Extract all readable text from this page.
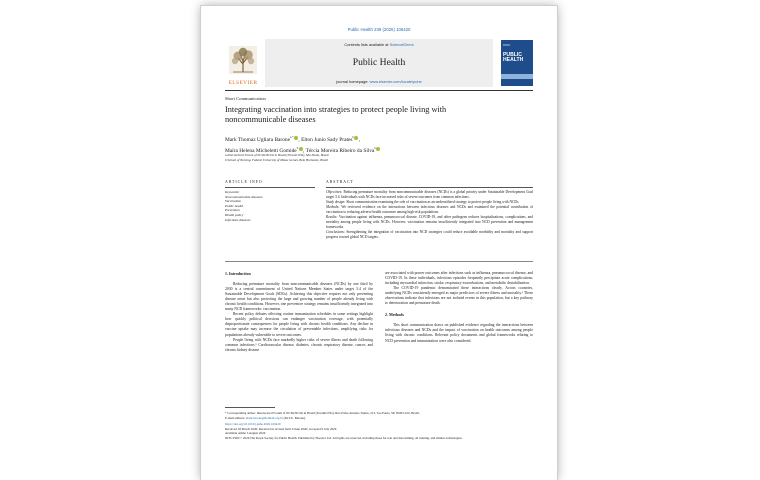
Public Health 239 (2026) 106420
ELSEVIER
Contents lists available at ScienceDirect
Public Health
journal homepage: www.elsevier.com/locate/puhe
RSPH
PUBLIC
HEALTH
Short Communication
Integrating vaccination into strategies to protect people living with noncommunicable diseases
Mark Thomaz Ugliara Barone$^{a,*}$ , Elton Junio Sady Prates$^b$ ,
Maíra Helena Micheletti Gomide$^b$ , Tércia Moreira Ribeiro da Silva$^b$
a Intersectoral Forum of NCDs/NCDs in Brazil (ForumCNTs), São Paulo, Brazil
b School of Nursing, Federal University of Minas Gerais, Belo Horizonte, Brazil
ARTICLE INFO	ABSTRACT
Keywords:
Noncommunicable diseases
Vaccination
Public health
Prevention
Health policy
Infectious diseases

Objectives: Reducing premature mortality from noncommunicable diseases (NCDs) is a global priority under Sustainable Development Goal target 3.4. Individuals with NCDs face increased risks of severe outcomes from common infections.

Study design: Short communication examining the role of vaccination as an underutilized strategy to protect people living with NCDs.

Methods: We reviewed evidence on the interactions between infectious diseases and NCDs and examined the potential contribution of vaccination to reducing adverse health outcomes among high-risk populations.

Results: Vaccination against influenza, pneumococcal disease, COVID-19, and other pathogens reduces hospitalizations, complications, and mortality among people living with NCDs. However, vaccination remains insufficiently integrated into NCD prevention and management frameworks.

Conclusions: Strengthening the integration of vaccination into NCD strategies could reduce avoidable morbidity and mortality and support progress toward global NCD targets.

1. Introduction

Reducing premature mortality from noncommunicable diseases (NCDs) by one third by 2030 is a central commitment of United Nations Member States under target 3.4 of the Sustainable Development Goals (SDGs). Achieving this objective requires not only preventing disease onset but also protecting the large and growing number of people already living with chronic health conditions. However, one preventive strategy remains insufficiently integrated into many NCD frameworks: vaccination.

Recent policy debates affecting routine immunization schedules in some settings highlight how quickly political decisions can endanger vaccination coverage, with potentially disproportionate consequences for people living with chronic health conditions. Any decline in vaccine uptake may increase the circulation of preventable infections, amplifying risks for populations already vulnerable to severe outcomes.

People living with NCDs face markedly higher risks of severe illness and death following common infections.¹ Cardiovascular disease, diabetes, chronic respiratory disease, cancer, and chronic kidney disease

are associated with poorer outcomes after infections such as influenza, pneumococcal disease, and COVID-19. In these individuals, infectious episodes frequently precipitate acute complications, including myocardial infarction, stroke, respiratory exacerbations, and metabolic destabilization.

The COVID-19 pandemic demonstrated these interactions clearly. Across countries, underlying NCDs consistently emerged as major predictors of severe illness and mortality.² These observations indicate that infections are not isolated events in this population, but a key pathway to deterioration and premature death.

2. Methods

This short communication draws on published evidence regarding the interactions between infectious diseases and NCDs and the impact of vaccination on health outcomes among people living with chronic conditions. Relevant policy documents and global frameworks relating to NCD prevention and immunization were also considered.

* Corresponding author. Intersectoral Forum of NCDs/NCDs in Brazil (ForumCNTs), Rua Padre Antonio Tomas, 213, Sao Paulo, SP, 05003-010, Brazil.

E-mail address: mark.barone@hotmail.org.br (M.T.U. Barone).

https://doi.org/10.1016/j.puhe.2026.106420

Received 18 March 2026; Received in revised form 6 June 2026; Accepted 9 July 2026

Available online 3 August 2026

0033-3506/© 2026 The Royal Society for Public Health. Published by Elsevier Ltd. All rights are reserved, including those for text and data mining, AI training, and similar technologies.
